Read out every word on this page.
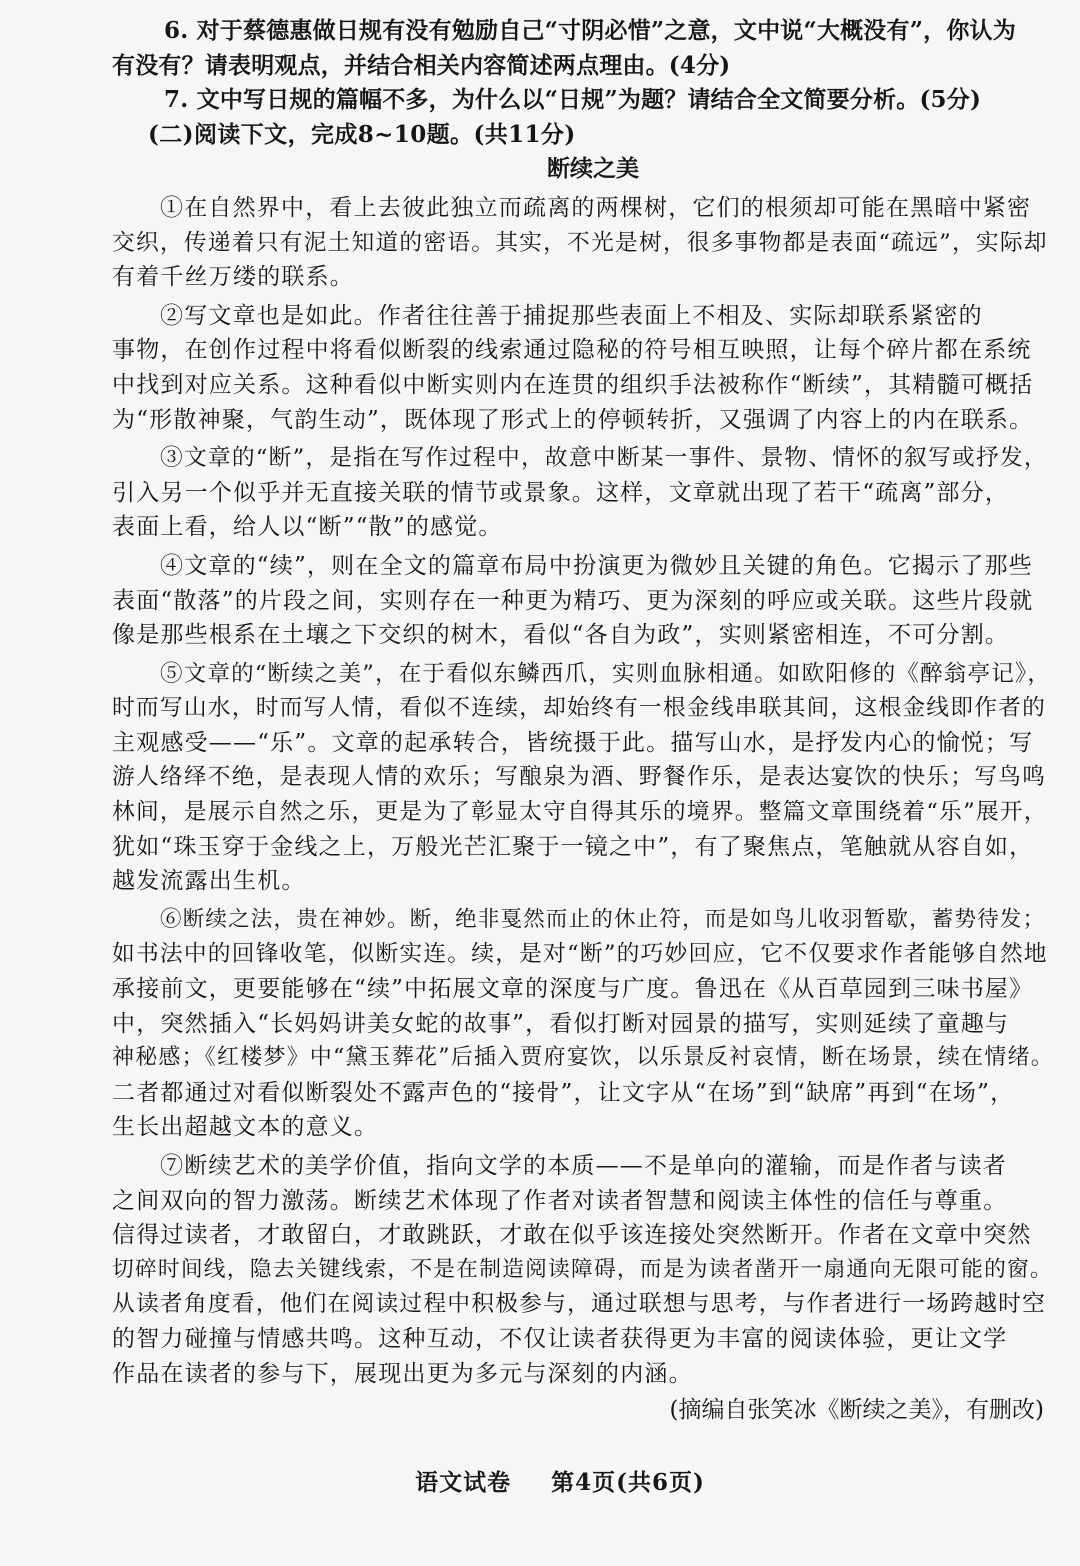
6. 对于蔡德惠做日规有没有勉励自己“寸阴必惜”之意，文中说“大概没有”，你认为
有没有？请表明观点，并结合相关内容简述两点理由。(4分)
7. 文中写日规的篇幅不多，为什么以“日规”为题？请结合全文简要分析。(5分)
(二)阅读下文，完成8~10题。(共11分)
断续之美
①在自然界中，看上去彼此独立而疏离的两棵树，它们的根须却可能在黑暗中紧密
交织，传递着只有泥土知道的密语。其实，不光是树，很多事物都是表面“疏远”，实际却
有着千丝万缕的联系。
②写文章也是如此。作者往往善于捕捉那些表面上不相及、实际却联系紧密的
事物，在创作过程中将看似断裂的线索通过隐秘的符号相互映照，让每个碎片都在系统
中找到对应关系。这种看似中断实则内在连贯的组织手法被称作“断续”，其精髓可概括
为“形散神聚，气韵生动”，既体现了形式上的停顿转折，又强调了内容上的内在联系。
③文章的“断”，是指在写作过程中，故意中断某一事件、景物、情怀的叙写或抒发，
引入另一个似乎并无直接关联的情节或景象。这样，文章就出现了若干“疏离”部分，
表面上看，给人以“断”“散”的感觉。
④文章的“续”，则在全文的篇章布局中扮演更为微妙且关键的角色。它揭示了那些
表面“散落”的片段之间，实则存在一种更为精巧、更为深刻的呼应或关联。这些片段就
像是那些根系在土壤之下交织的树木，看似“各自为政”，实则紧密相连，不可分割。
⑤文章的“断续之美”，在于看似东鳞西爪，实则血脉相通。如欧阳修的《醉翁亭记》，
时而写山水，时而写人情，看似不连续，却始终有一根金线串联其间，这根金线即作者的
主观感受——“乐”。文章的起承转合，皆统摄于此。描写山水，是抒发内心的愉悦；写
游人络绎不绝，是表现人情的欢乐；写酿泉为酒、野餐作乐，是表达宴饮的快乐；写鸟鸣
林间，是展示自然之乐，更是为了彰显太守自得其乐的境界。整篇文章围绕着“乐”展开，
犹如“珠玉穿于金线之上，万般光芒汇聚于一镜之中”，有了聚焦点，笔触就从容自如，
越发流露出生机。
⑥断续之法，贵在神妙。断，绝非戛然而止的休止符，而是如鸟儿收羽暂歇，蓄势待发；
如书法中的回锋收笔，似断实连。续，是对“断”的巧妙回应，它不仅要求作者能够自然地
承接前文，更要能够在“续”中拓展文章的深度与广度。鲁迅在《从百草园到三味书屋》
中，突然插入“长妈妈讲美女蛇的故事”，看似打断对园景的描写，实则延续了童趣与
神秘感；《红楼梦》中“黛玉葬花”后插入贾府宴饮，以乐景反衬哀情，断在场景，续在情绪。
二者都通过对看似断裂处不露声色的“接骨”，让文字从“在场”到“缺席”再到“在场”，
生长出超越文本的意义。
⑦断续艺术的美学价值，指向文学的本质——不是单向的灌输，而是作者与读者
之间双向的智力激荡。断续艺术体现了作者对读者智慧和阅读主体性的信任与尊重。
信得过读者，才敢留白，才敢跳跃，才敢在似乎该连接处突然断开。作者在文章中突然
切碎时间线，隐去关键线索，不是在制造阅读障碍，而是为读者凿开一扇通向无限可能的窗。
从读者角度看，他们在阅读过程中积极参与，通过联想与思考，与作者进行一场跨越时空
的智力碰撞与情感共鸣。这种互动，不仅让读者获得更为丰富的阅读体验，更让文学
作品在读者的参与下，展现出更为多元与深刻的内涵。
(摘编自张笑冰《断续之美》，有删改)
语文试卷 第4页(共6页)
